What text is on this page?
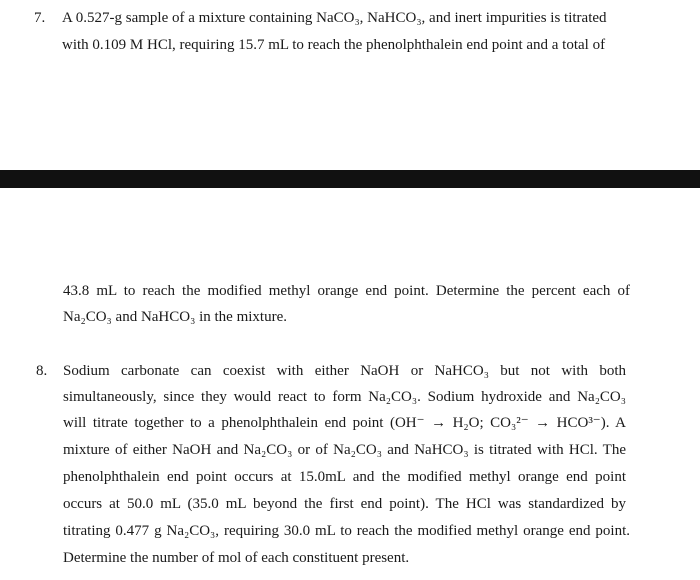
7. A 0.527-g sample of a mixture containing NaCO₃, NaHCO₃, and inert impurities is titrated
with 0.109 M HCl, requiring 15.7 mL to reach the phenolphthalein end point and a total of
43.8 mL to reach the modified methyl orange end point. Determine the percent each of
Na₂CO₃ and NaHCO₃ in the mixture.
8. Sodium carbonate can coexist with either NaOH or NaHCO₃ but not with both
simultaneously, since they would react to form Na₂CO₃. Sodium hydroxide and Na₂CO₃
will titrate together to a phenolphthalein end point (OH⁻ → H₂O; CO₃²⁻ → HCO³⁻). A
mixture of either NaOH and Na₂CO₃ or of Na₂CO₃ and NaHCO₃ is titrated with HCl. The
phenolphthalein end point occurs at 15.0mL and the modified methyl orange end point
occurs at 50.0 mL (35.0 mL beyond the first end point). The HCl was standardized by
titrating 0.477 g Na₂CO₃, requiring 30.0 mL to reach the modified methyl orange end point.
Determine the number of mol of each constituent present.
